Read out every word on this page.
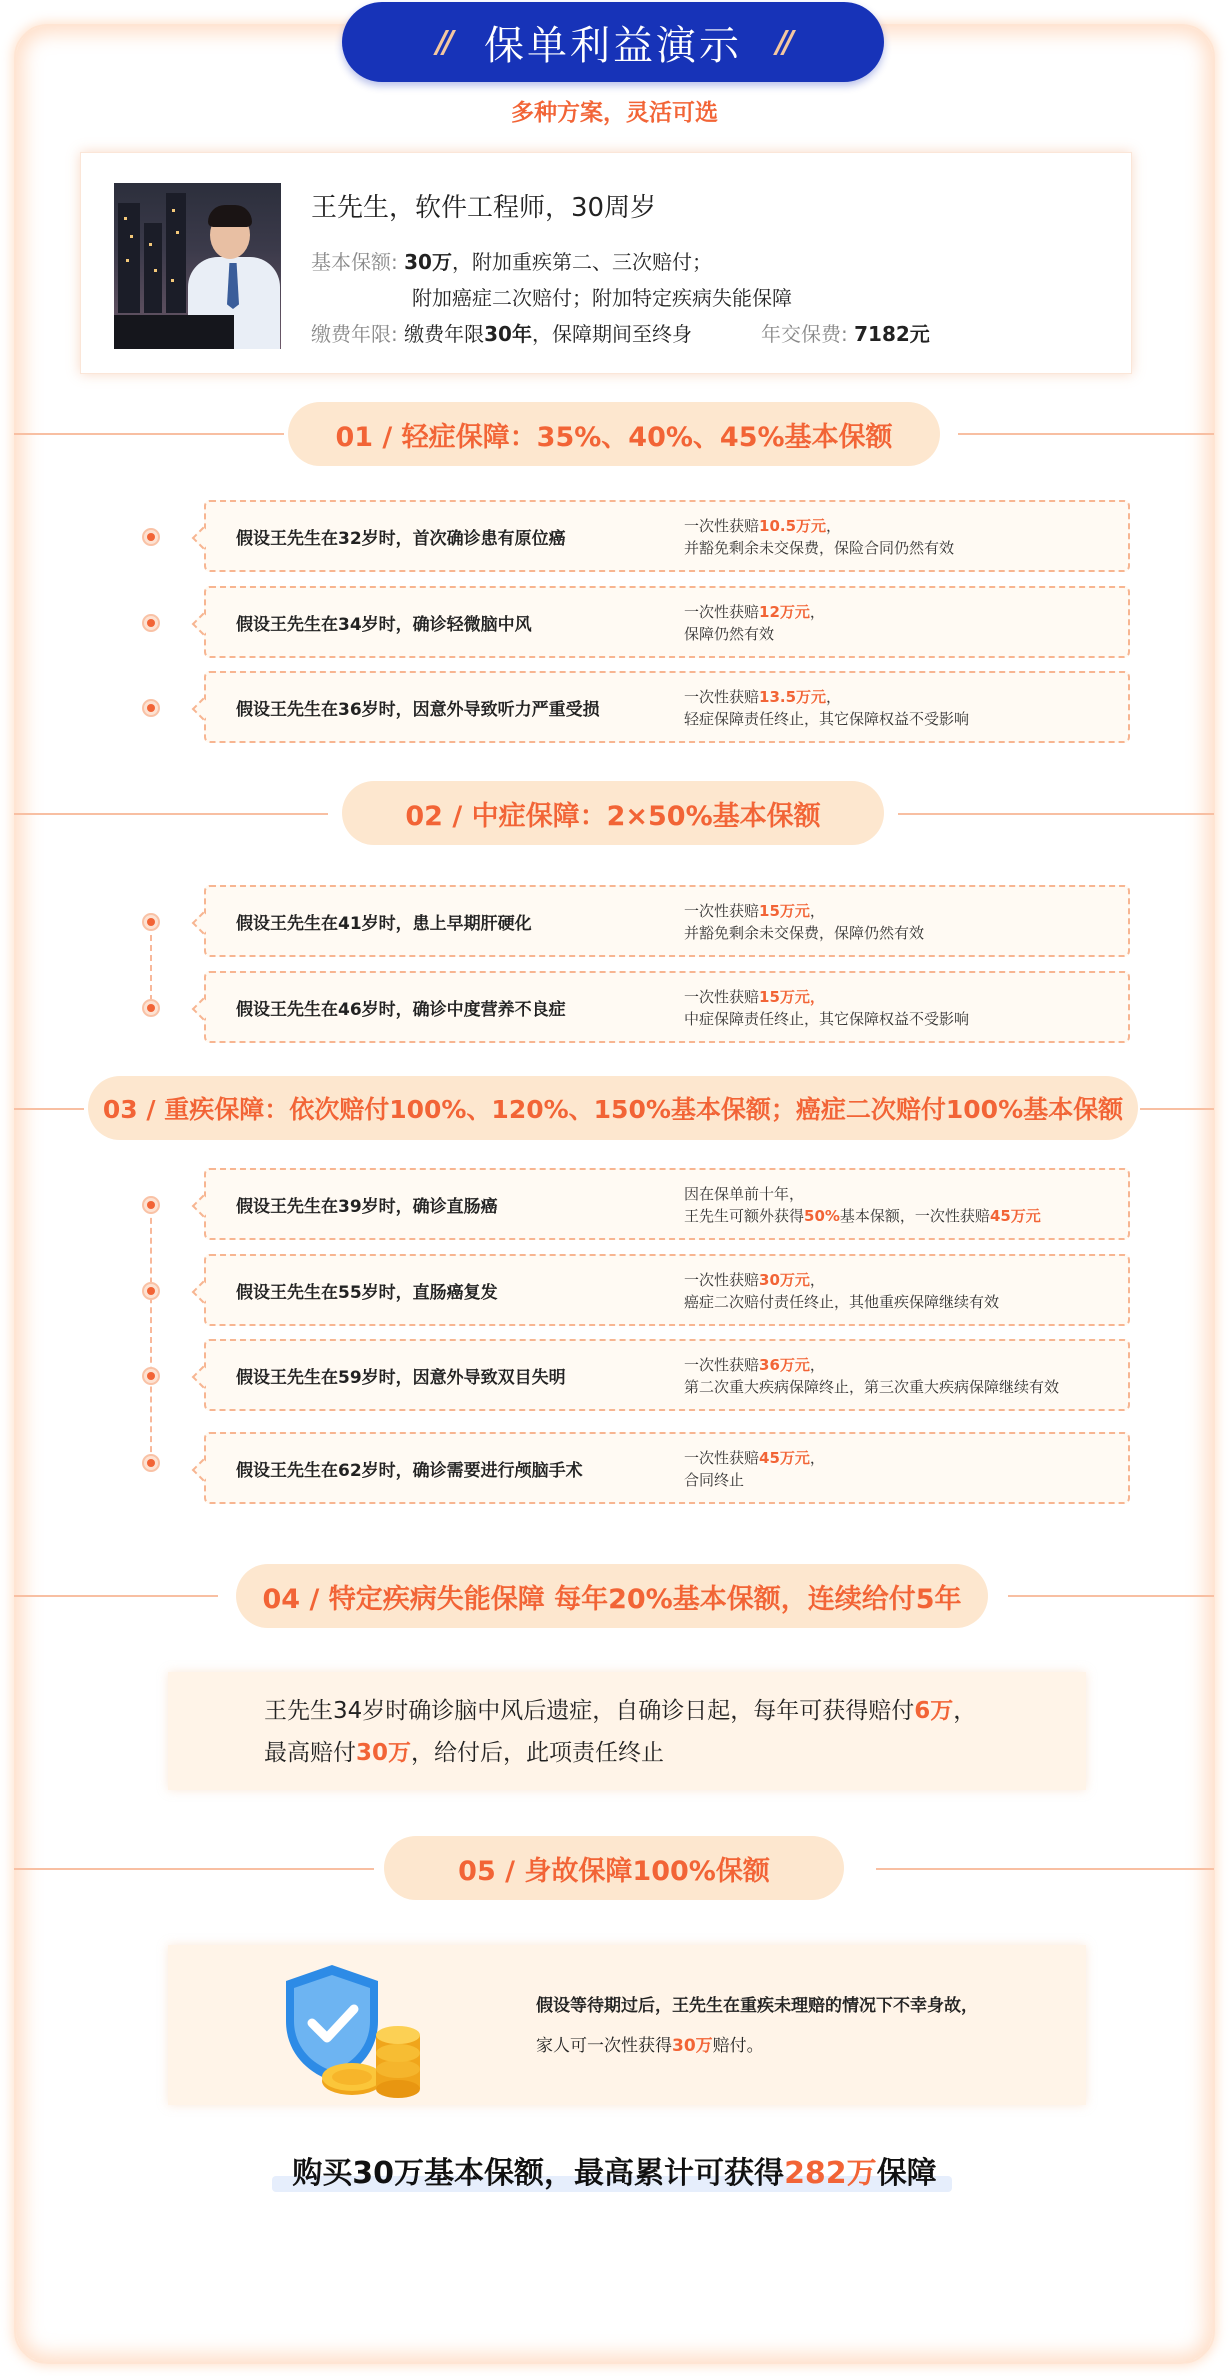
// 保单利益演示 //
多种方案，灵活可选
王先生，软件工程师，30周岁
基本保额: 30万，附加重疾第二、三次赔付；
附加癌症二次赔付；附加特定疾病失能保障
缴费年限: 缴费年限30年，保障期间至终身	年交保费: 7182元
01 / 轻症保障：35%、40%、45%基本保额
假设王先生在32岁时，首次确诊患有原位癌
一次性获赔10.5万元，
并豁免剩余未交保费，保险合同仍然有效
假设王先生在34岁时，确诊轻微脑中风
一次性获赔12万元，
保障仍然有效
假设王先生在36岁时，因意外导致听力严重受损
一次性获赔13.5万元，
轻症保障责任终止，其它保障权益不受影响
02 / 中症保障：2×50%基本保额
假设王先生在41岁时，患上早期肝硬化
一次性获赔15万元，
并豁免剩余未交保费，保障仍然有效
假设王先生在46岁时，确诊中度营养不良症
一次性获赔15万元，
中症保障责任终止，其它保障权益不受影响
03 / 重疾保障：依次赔付100%、120%、150%基本保额；癌症二次赔付100%基本保额
假设王先生在39岁时，确诊直肠癌
因在保单前十年，
王先生可额外获得50%基本保额，一次性获赔45万元
假设王先生在55岁时，直肠癌复发
一次性获赔30万元，
癌症二次赔付责任终止，其他重疾保障继续有效
假设王先生在59岁时，因意外导致双目失明
一次性获赔36万元，
第二次重大疾病保障终止，第三次重大疾病保障继续有效
假设王先生在62岁时，确诊需要进行颅脑手术
一次性获赔45万元，
合同终止
04 / 特定疾病失能保障 每年20%基本保额，连续给付5年
王先生34岁时确诊脑中风后遗症，自确诊日起，每年可获得赔付6万，
最高赔付30万，给付后，此项责任终止
05 / 身故保障100%保额
假设等待期过后，王先生在重疾未理赔的情况下不幸身故，
家人可一次性获得30万赔付。
购买30万基本保额，最高累计可获得282万保障
